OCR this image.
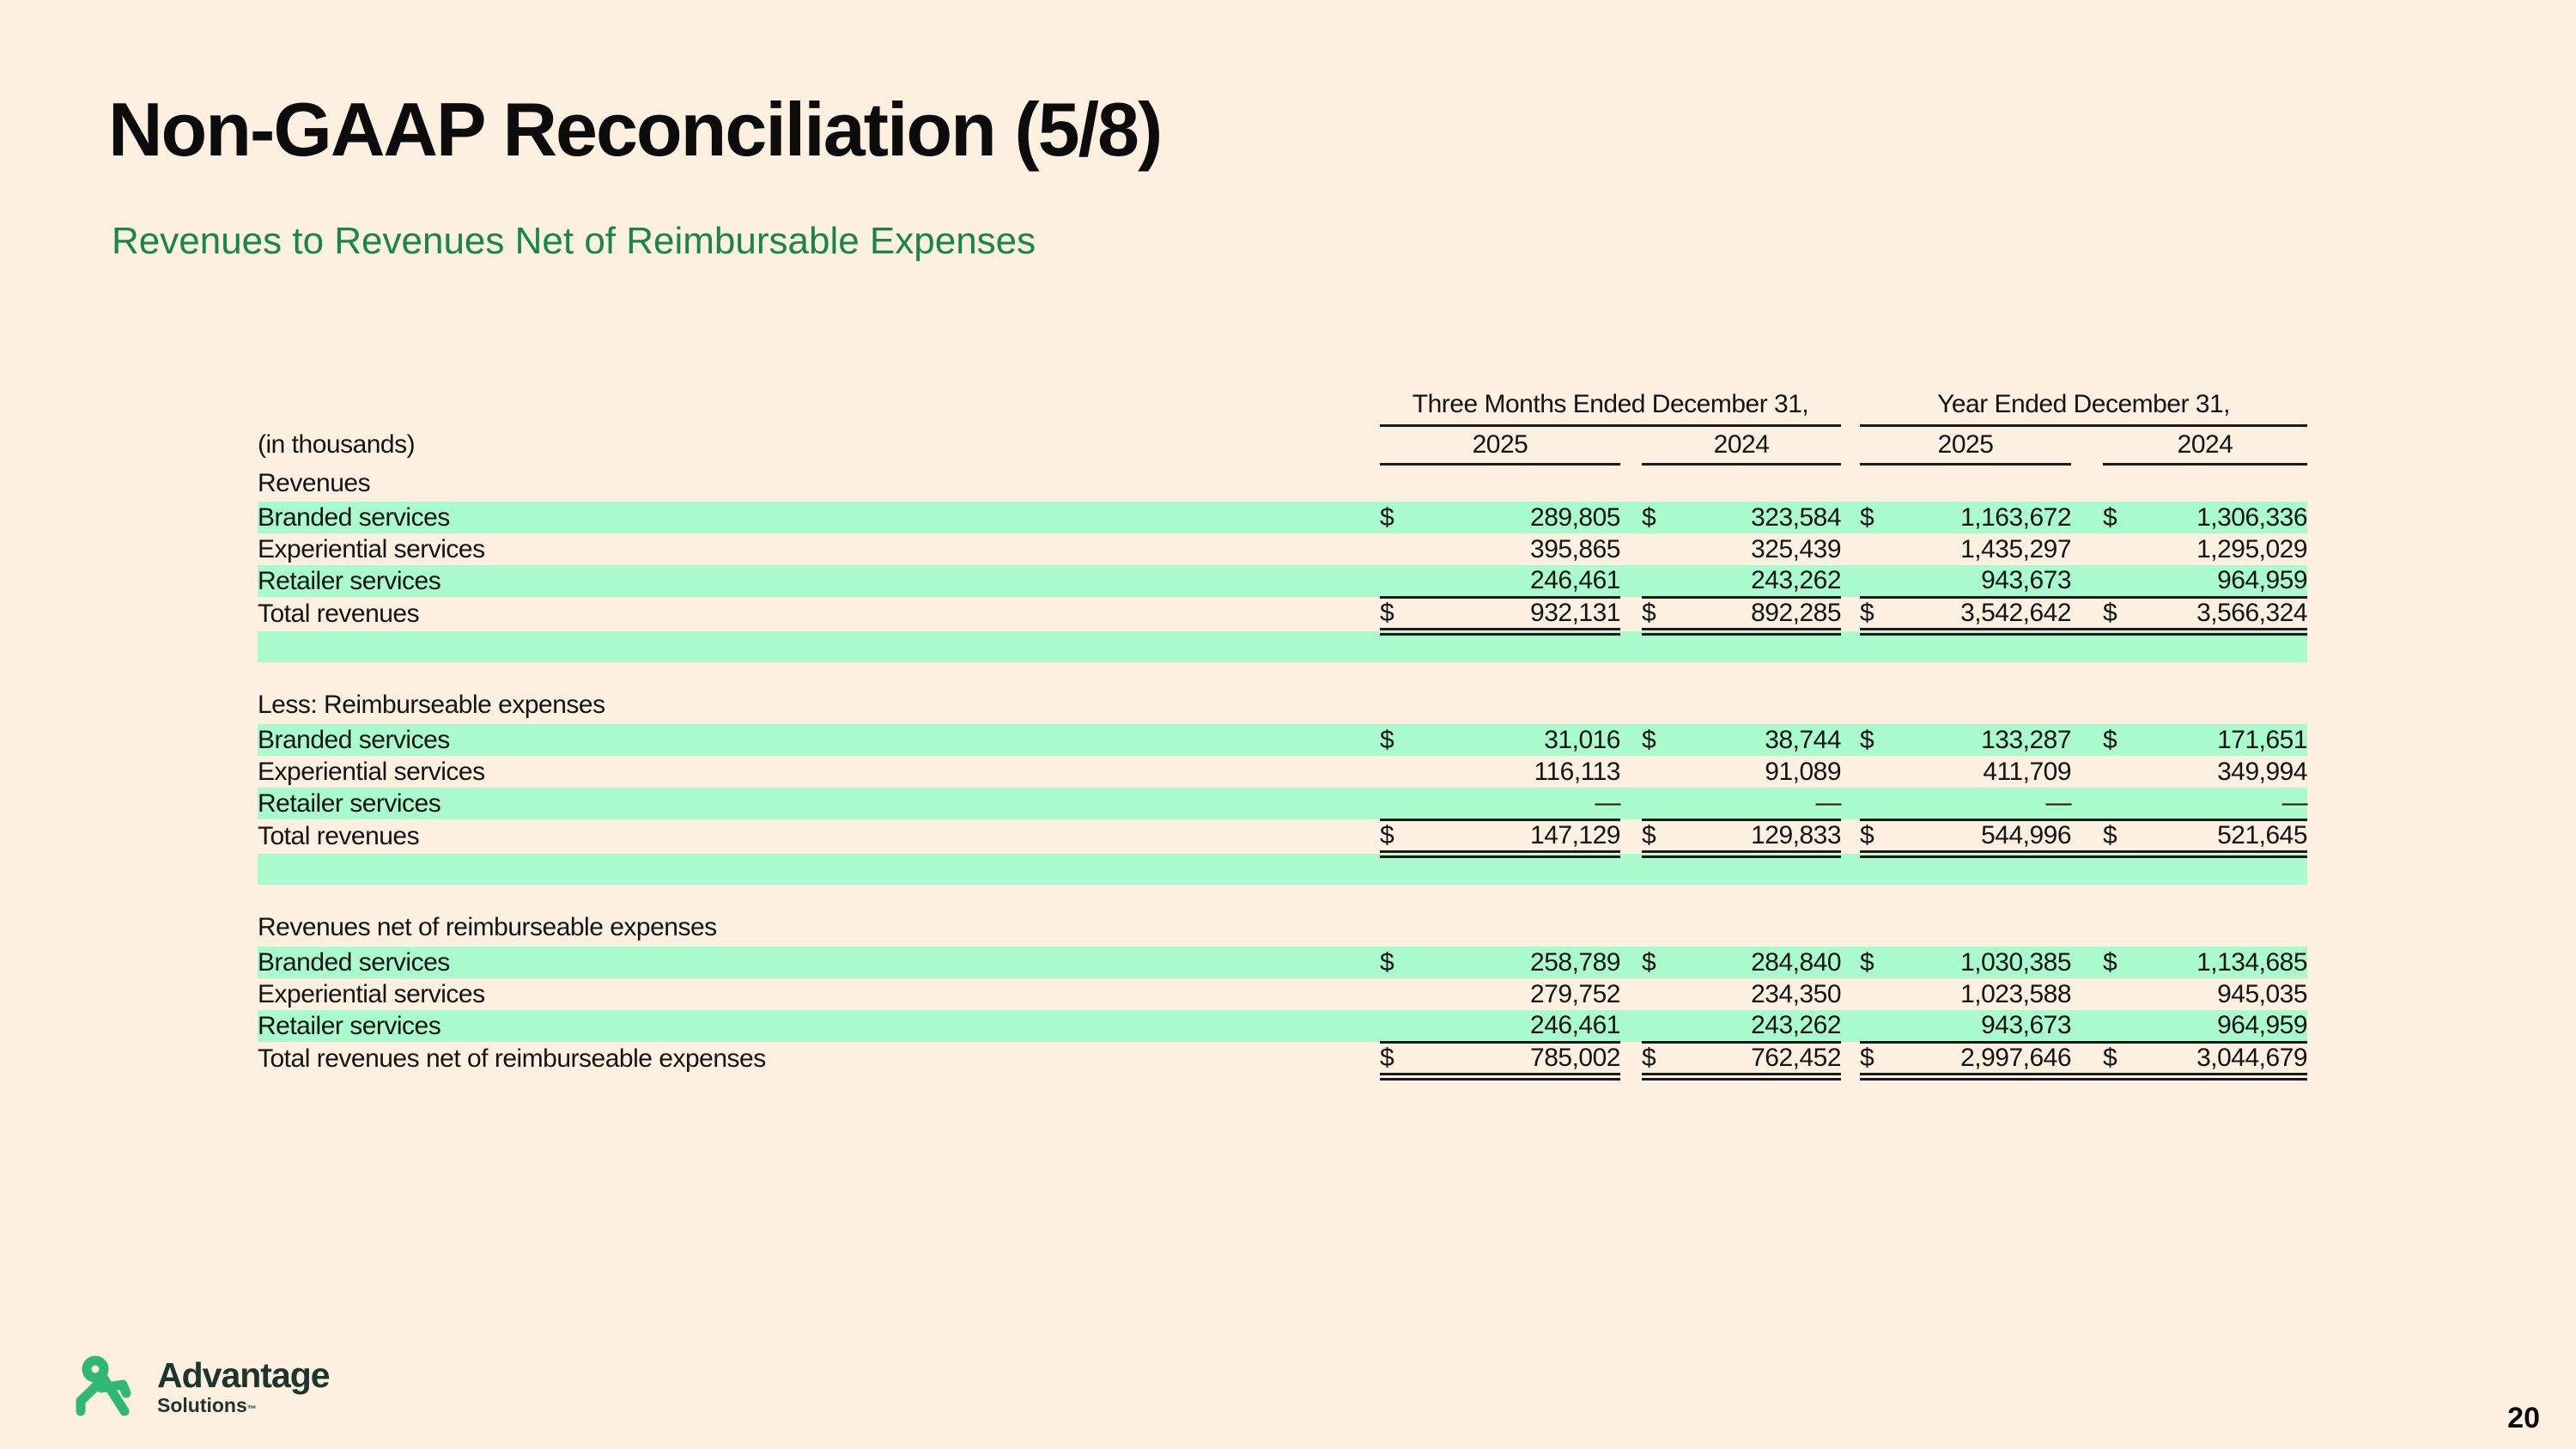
Non-GAAP Reconciliation (5/8)
Revenues to Revenues Net of Reimbursable Expenses
	Three Months Ended December 31,						Year Ended December 31,				
(in thousands)	2025			2024			2025			2024	
Revenues											
Branded services	$	289,805		$	323,584		$	1,163,672		$	1,306,336
Experiential services		395,865			325,439			1,435,297			1,295,029
Retailer services		246,461			243,262			943,673			964,959
Total revenues	$	932,131		$	892,285		$	3,542,642		$	3,566,324

Less: Reimburseable expenses											
Branded services	$	31,016		$	38,744		$	133,287		$	171,651
Experiential services		116,113			91,089			411,709			349,994
Retailer services		—			—			—			—
Total revenues	$	147,129		$	129,833		$	544,996		$	521,645

Revenues net of reimburseable expenses											
Branded services	$	258,789		$	284,840		$	1,030,385		$	1,134,685
Experiential services		279,752			234,350			1,023,588			945,035
Retailer services		246,461			243,262			943,673			964,959
Total revenues net of reimburseable expenses	$	785,002		$	762,452		$	2,997,646		$	3,044,679
Advantage
Solutions™	20
